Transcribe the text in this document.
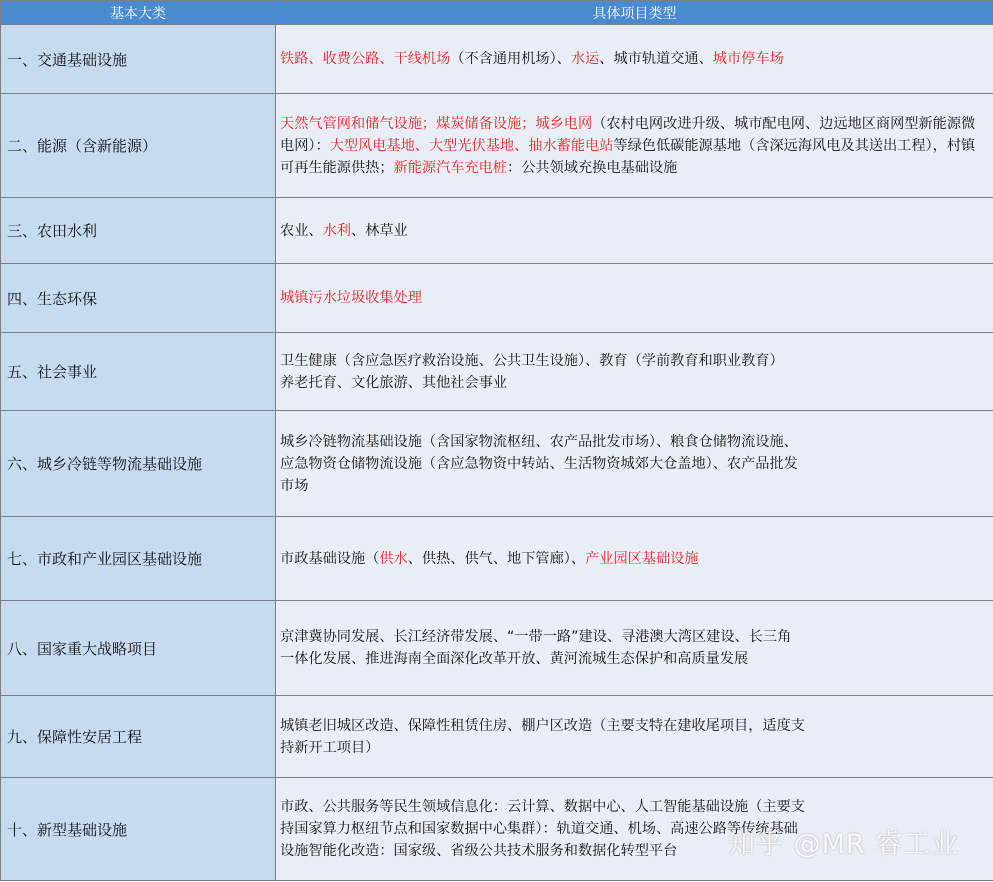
基本大类	具体项目类型
一、交通基础设施	铁路、收费公路、干线机场（不含通用机场）、水运、城市轨道交通、城市停车场
二、能源（含新能源）	天然气管网和储气设施；煤炭储备设施；城乡电网（农村电网改进升级、城市配电网、边远地区商网型新能源微电网）：大型风电基地、大型光伏基地、抽水蓄能电站等绿色低碳能源基地（含深远海风电及其送出工程），村镇可再生能源供热；新能源汽车充电桩：公共领域充换电基础设施
三、农田水利	农业、水利、林草业
四、生态环保	城镇污水垃圾收集处理
五、社会事业	卫生健康（含应急医疗救治设施、公共卫生设施）、教育（学前教育和职业教育）
养老托育、文化旅游、其他社会事业
六、城乡冷链等物流基础设施	城乡冷链物流基础设施（含国家物流枢纽、农产品批发市场）、粮食仓储物流设施、
应急物资仓储物流设施（含应急物资中转站、生活物资城郊大仓盖地）、农产品批发
市场
七、市政和产业园区基础设施	市政基础设施（供水、供热、供气、地下管廊）、产业园区基础设施
八、国家重大战略项目	京津冀协同发展、长江经济带发展、“一带一路”建设、寻港澳大湾区建设、长三角
一体化发展、推进海南全面深化改革开放、黄河流城生态保护和高质量发展
九、保障性安居工程	城镇老旧城区改造、保障性租赁住房、棚户区改造（主要支特在建收尾项目，适度支
持新开工项目）
十、新型基础设施	市政、公共服务等民生领域信息化：云计算、数据中心、人工智能基础设施（主要支
持国家算力枢纽节点和国家数据中心集群）：轨道交通、机场、高速公路等传统基础
设施智能化改造：国家级、省级公共技术服务和数据化转型平台 知乎 @MR 睿工业
